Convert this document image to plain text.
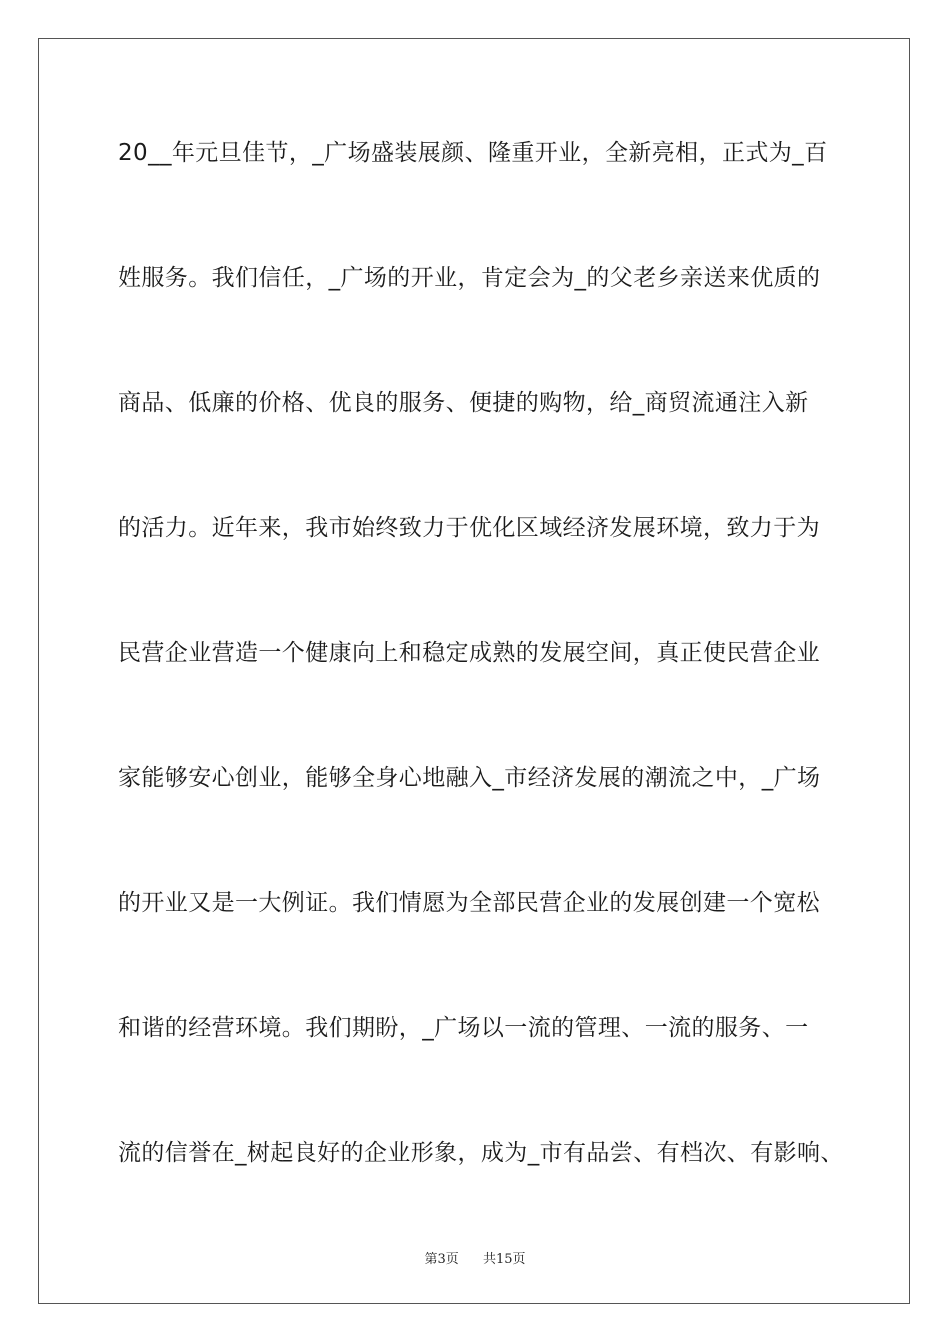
20__年元旦佳节，_广场盛装展颜、隆重开业，全新亮相，正式为_百
姓服务。我们信任，_广场的开业，肯定会为_的父老乡亲送来优质的
商品、低廉的价格、优良的服务、便捷的购物，给_商贸流通注入新
的活力。近年来，我市始终致力于优化区域经济发展环境，致力于为
民营企业营造一个健康向上和稳定成熟的发展空间，真正使民营企业
家能够安心创业，能够全身心地融入_市经济发展的潮流之中，_广场
的开业又是一大例证。我们情愿为全部民营企业的发展创建一个宽松
和谐的经营环境。我们期盼，_广场以一流的管理、一流的服务、一
流的信誉在_树起良好的企业形象，成为_市有品尝、有档次、有影响、
第3页 共15页
